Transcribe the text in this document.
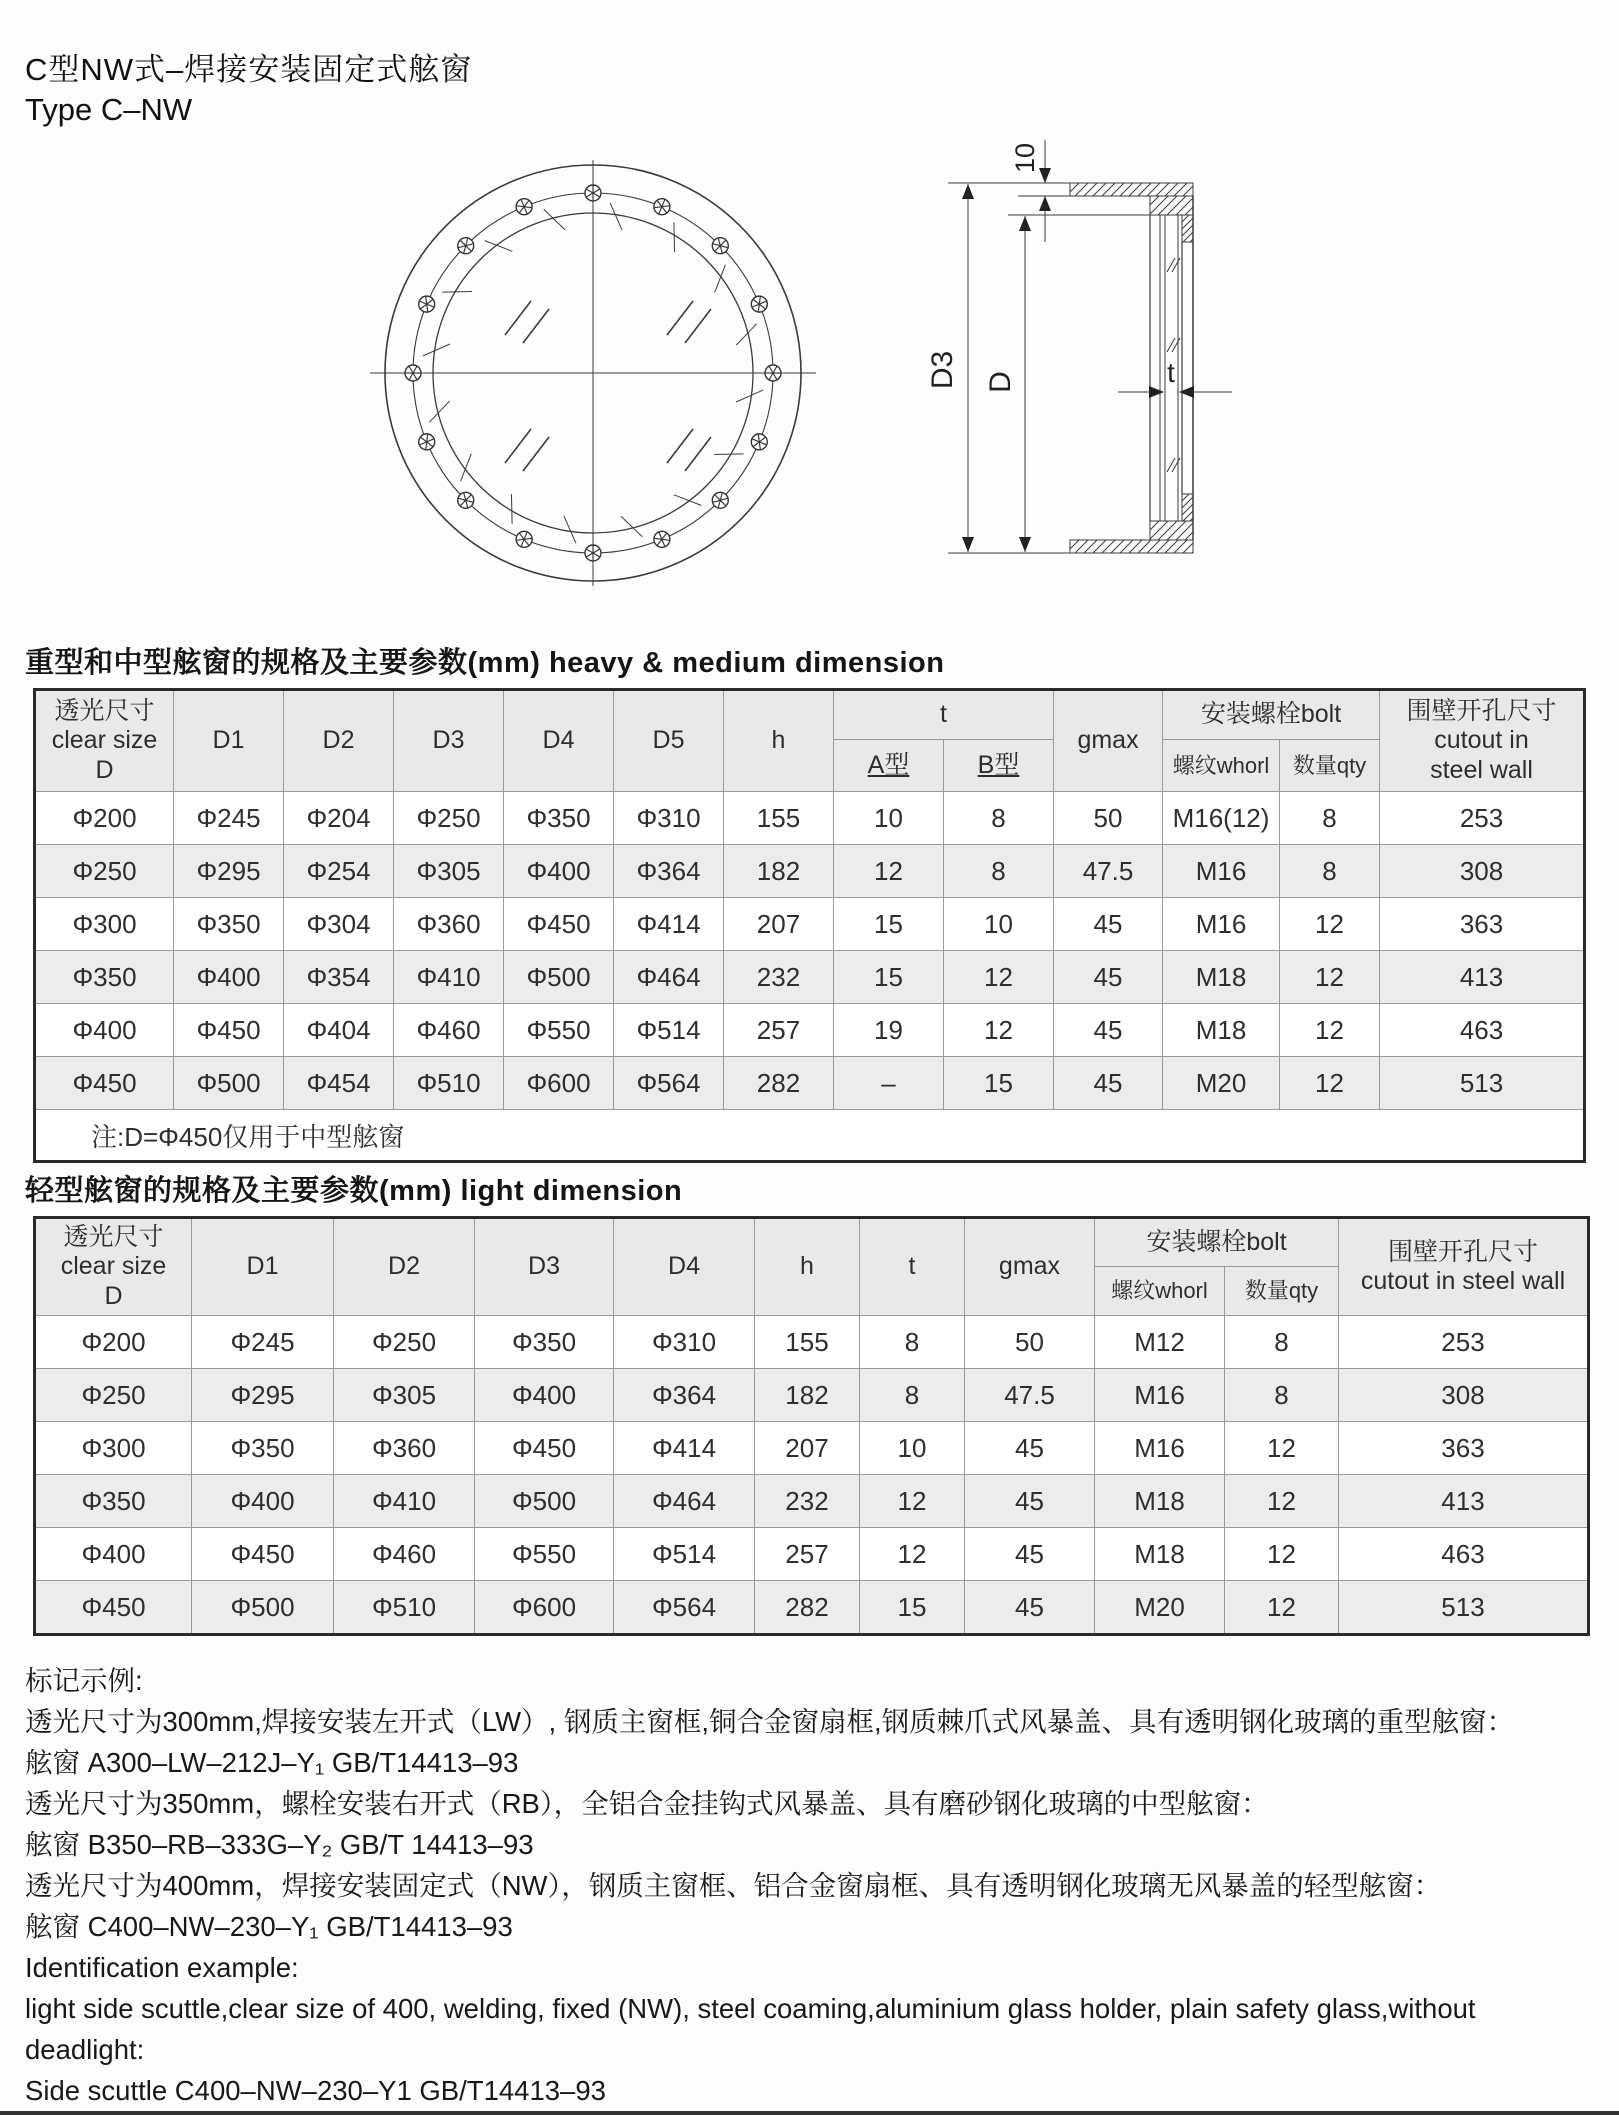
C型NW式–焊接安装固定式舷窗
Type C–NW
10
D3 D	t
重型和中型舷窗的规格及主要参数(mm) heavy & medium dimension
透光尺寸
clear size
D
	D1	D2	D3	D4	D5	h	t	gmax	安装螺栓bolt	围壁开孔尺寸
cutout in
steel wall

							A型	B型		螺纹whorl	数量qty	
Φ200	Φ245	Φ204	Φ250	Φ350	Φ310	155	10	8	50	M16(12)	8	253
Φ250	Φ295	Φ254	Φ305	Φ400	Φ364	182	12	8	47.5	M16	8	308
Φ300	Φ350	Φ304	Φ360	Φ450	Φ414	207	15	10	45	M16	12	363
Φ350	Φ400	Φ354	Φ410	Φ500	Φ464	232	15	12	45	M18	12	413
Φ400	Φ450	Φ404	Φ460	Φ550	Φ514	257	19	12	45	M18	12	463
Φ450	Φ500	Φ454	Φ510	Φ600	Φ564	282	–	15	45	M20	12	513
注:D=Φ450仅用于中型舷窗												
轻型舷窗的规格及主要参数(mm) light dimension
透光尺寸
clear size
D
	D1	D2	D3	D4	h	t	gmax	安装螺栓bolt	围壁开孔尺寸
cutout in steel wall

								螺纹whorl	数量qty	
Φ200	Φ245	Φ250	Φ350	Φ310	155	8	50	M12	8	253
Φ250	Φ295	Φ305	Φ400	Φ364	182	8	47.5	M16	8	308
Φ300	Φ350	Φ360	Φ450	Φ414	207	10	45	M16	12	363
Φ350	Φ400	Φ410	Φ500	Φ464	232	12	45	M18	12	413
Φ400	Φ450	Φ460	Φ550	Φ514	257	12	45	M18	12	463
Φ450	Φ500	Φ510	Φ600	Φ564	282	15	45	M20	12	513
标记示例:
透光尺寸为300mm,焊接安装左开式（LW）, 钢质主窗框,铜合金窗扇框,钢质棘爪式风暴盖、具有透明钢化玻璃的重型舷窗：
舷窗 A300–LW–212J–Y₁ GB/T14413–93
透光尺寸为350mm，螺栓安装右开式（RB），全铝合金挂钩式风暴盖、具有磨砂钢化玻璃的中型舷窗：
舷窗 B350–RB–333G–Y₂ GB/T 14413–93
透光尺寸为400mm，焊接安装固定式（NW），钢质主窗框、铝合金窗扇框、具有透明钢化玻璃无风暴盖的轻型舷窗：
舷窗 C400–NW–230–Y₁ GB/T14413–93
Identification example:
light side scuttle,clear size of 400, welding, fixed (NW), steel coaming,aluminium glass holder, plain safety glass,without
deadlight:
Side scuttle C400–NW–230–Y1 GB/T14413–93
